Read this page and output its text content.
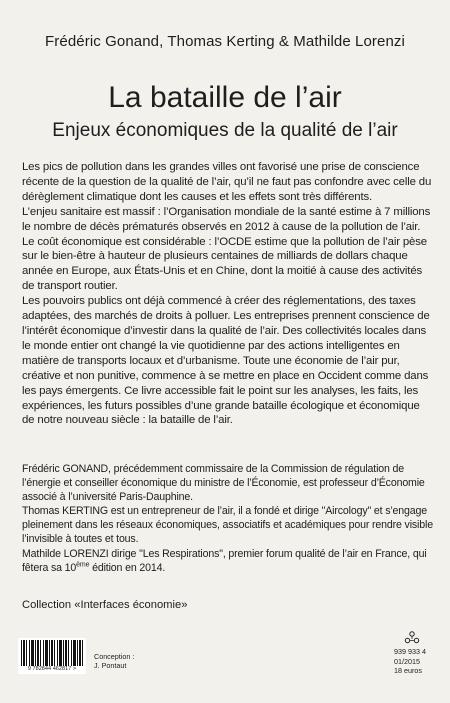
Frédéric Gonand, Thomas Kerting & Mathilde Lorenzi
La bataille de l’air
Enjeux économiques de la qualité de l’air

Les pics de pollution dans les grandes villes ont favorisé une prise de conscience récente de la question de la qualité de l’air, qu’il ne faut pas confondre avec celle du dérèglement climatique dont les causes et les effets sont très différents.

L’enjeu sanitaire est massif : l’Organisation mondiale de la santé estime à 7 millions le nombre de décès prématurés observés en 2012 à cause de la pollution de l’air.

Le coût économique est considérable : l’OCDE estime que la pollution de l’air pèse sur le bien-être à hauteur de plusieurs centaines de milliards de dollars chaque année en Europe, aux États-Unis et en Chine, dont la moitié à cause des activités de transport routier.

Les pouvoirs publics ont déjà commencé à créer des réglementations, des taxes adaptées, des marchés de droits à polluer. Les entreprises prennent conscience de l’intérêt économique d’investir dans la qualité de l’air. Des collectivités locales dans le monde entier ont changé la vie quotidienne par des actions intelligentes en matière de transports locaux et d’urbanisme. Toute une économie de l’air pur, créative et non punitive, commence à se mettre en place en Occident comme dans les pays émergents. Ce livre accessible fait le point sur les analyses, les faits, les expériences, les futurs possibles d’une grande bataille écologique et économique de notre nouveau siècle : la bataille de l’air.

Frédéric GONAND, précédemment commissaire de la Commission de régulation de l’énergie et conseiller économique du ministre de l’Économie, est professeur d’Économie associé à l’université Paris-Dauphine.

Thomas KERTING est un entrepreneur de l’air, il a fondé et dirige "Aircology" et s’engage pleinement dans les réseaux économiques, associatifs et académiques pour rendre visible l’invisible à toutes et tous.

Mathilde LORENZI dirige "Les Respirations", premier forum qualité de l’air en France, qui fêtera sa 10ème édition en 2014.

Collection «Interfaces économie»
9 782844 462817 >
Conception :
J. Pontaut
939 933 4
01/2015
18 euros
